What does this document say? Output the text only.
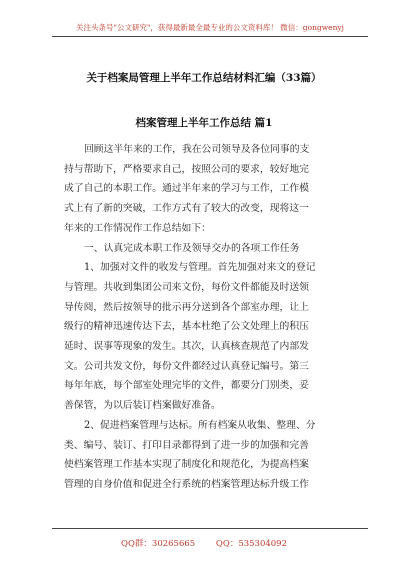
关注头条号"公文研究"，获得最新最全最专业的公文资料库！ 微信：gongwenyj
关于档案局管理上半年工作总结材料汇编（33篇）
档案管理上半年工作总结 篇1

回顾这半年来的工作，我在公司领导及各位同事的支

持与帮助下，严格要求自己，按照公司的要求，较好地完

成了自己的本职工作。通过半年来的学习与工作，工作模

式上有了新的突破，工作方式有了较大的改变，现将这一

年来的工作情况作工作总结如下：

一、认真完成本职工作及领导交办的各项工作任务

1、加强对文件的收发与管理。首先加强对来文的登记

与管理。共收到集团公司来文份，每份文件都能及时送领

导传阅，然后按领导的批示再分送到各个部室办理，让上

级行的精神迅速传达下去，基本杜绝了公文处理上的积压

延时、误事等现象的发生。其次，认真核查规范了内部发

文。公司共发文份，每份文件都经过认真登记编号。第三

每年年底，每个部室处理完毕的文件，都要分门别类，妥

善保管，为以后装订档案做好准备。

2、促进档案管理与达标。所有档案从收集、整理、分

类、编号、装订、打印目录都得到了进一步的加强和完善

使档案管理工作基本实现了制度化和规范化，为提高档案

管理的自身价值和促进全行系统的档案管理达标升级工作

QQ群：30265665 QQ：535304092
